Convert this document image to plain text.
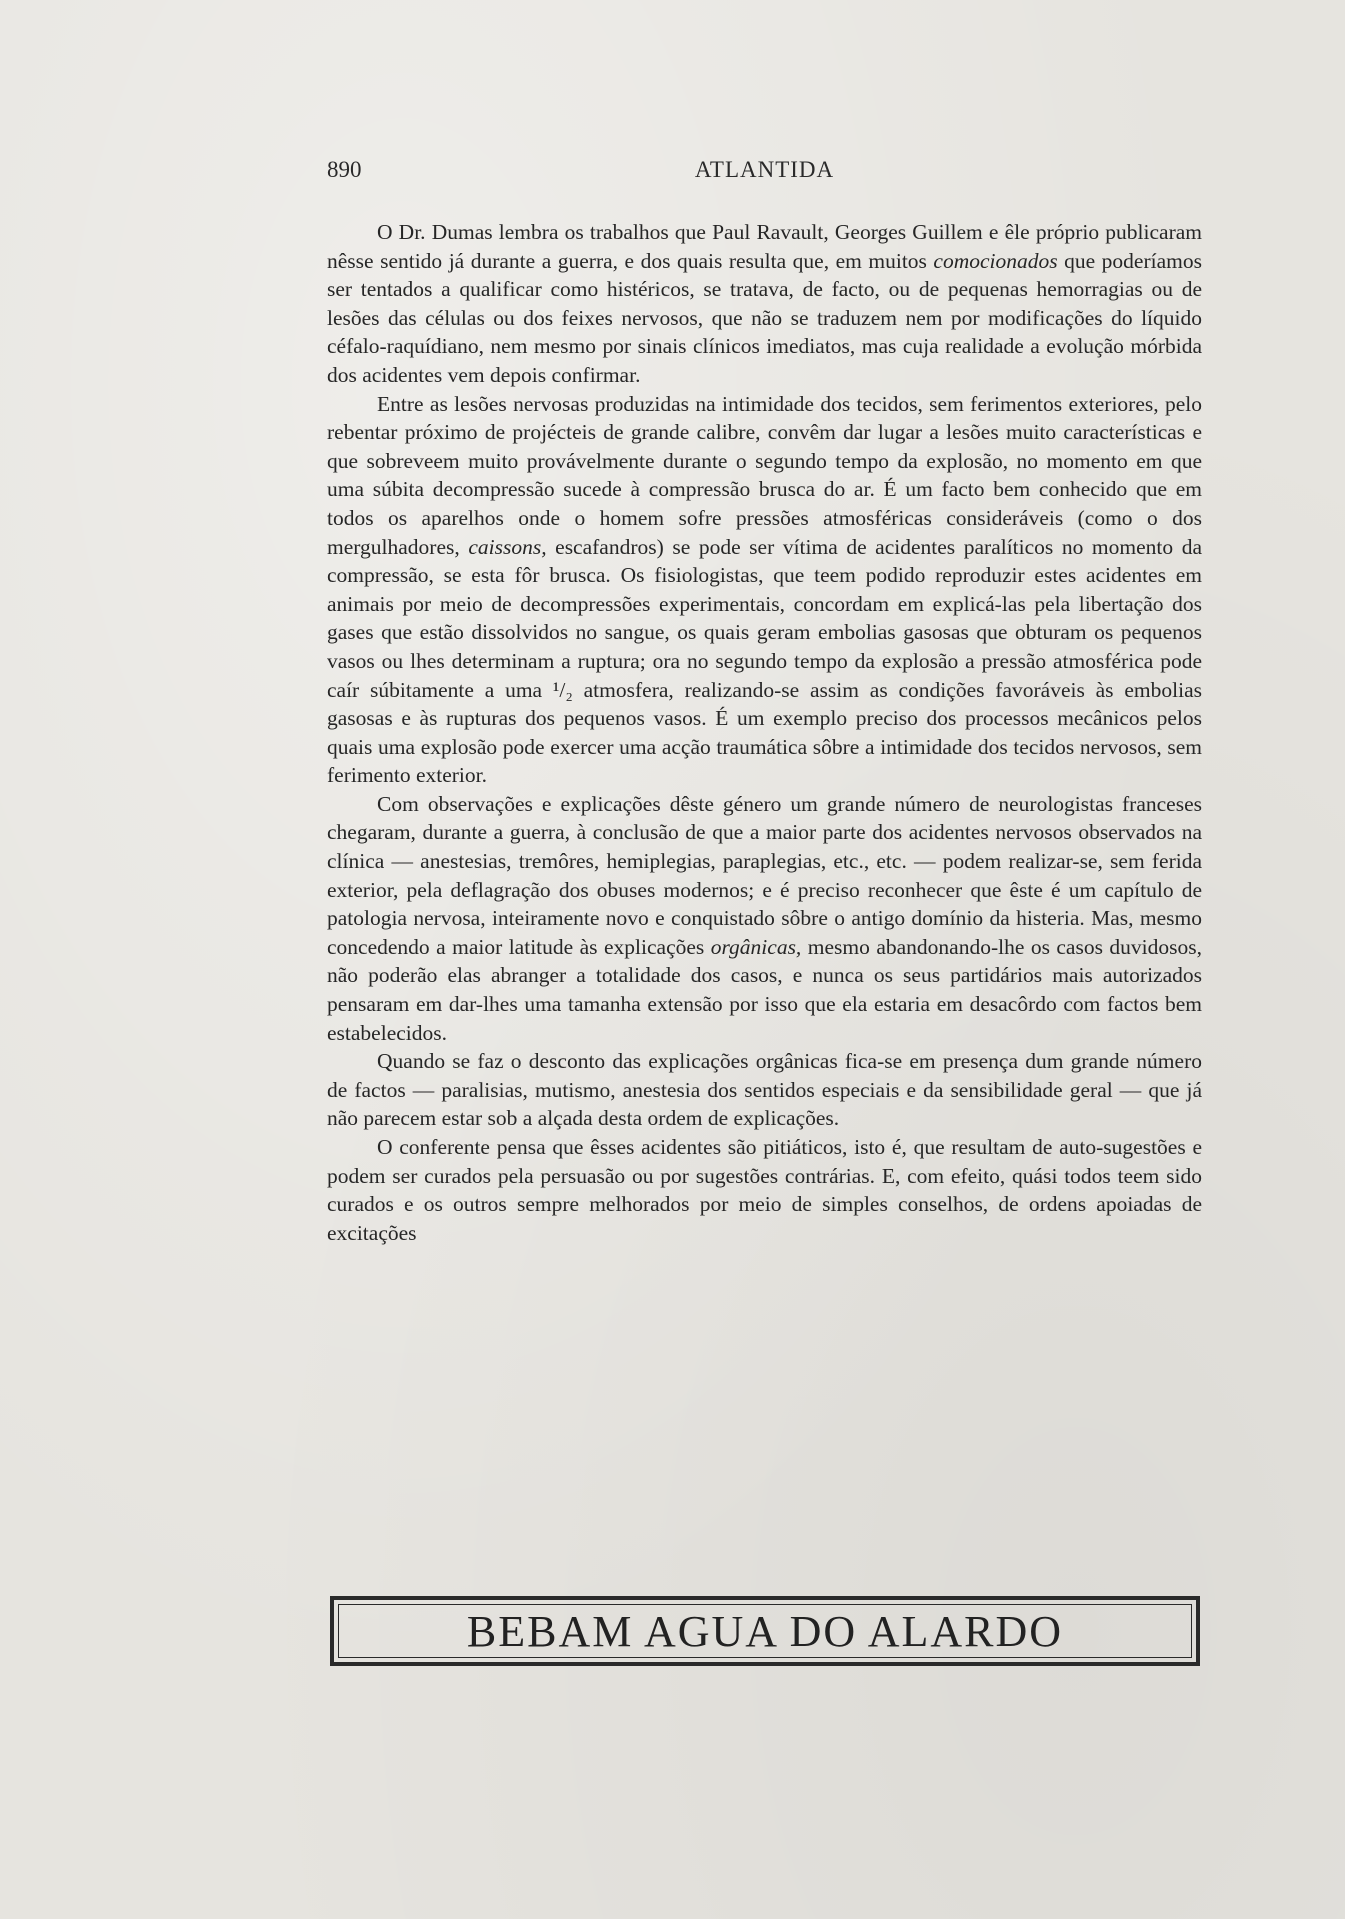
890	ATLANTIDA

O Dr. Dumas lembra os trabalhos que Paul Ravault, Georges Guillem e êle próprio publicaram nêsse sentido já durante a guerra, e dos quais resulta que, em muitos comocionados que poderíamos ser tentados a qualificar como histéricos, se tratava, de facto, ou de pequenas hemorragias ou de lesões das células ou dos feixes nervosos, que não se traduzem nem por modificações do líquido céfalo-raquídiano, nem mesmo por sinais clínicos imediatos, mas cuja realidade a evolução mórbida dos acidentes vem depois confirmar.

Entre as lesões nervosas produzidas na intimidade dos tecidos, sem ferimentos exteriores, pelo rebentar próximo de projécteis de grande calibre, convêm dar lugar a lesões muito características e que sobreveem muito provávelmente durante o segundo tempo da explosão, no momento em que uma súbita decompressão sucede à compressão brusca do ar. É um facto bem conhecido que em todos os aparelhos onde o homem sofre pressões atmosféricas consideráveis (como o dos mergulhadores, caissons, escafandros) se pode ser vítima de acidentes paralíticos no momento da compressão, se esta fôr brusca. Os fisiologistas, que teem podido reproduzir estes acidentes em animais por meio de decompressões experimentais, concordam em explicá-las pela libertação dos gases que estão dissolvidos no sangue, os quais geram embolias gasosas que obturam os pequenos vasos ou lhes determinam a ruptura; ora no segundo tempo da explosão a pressão atmosférica pode caír súbitamente a uma ¹/₂ atmosfera, realizando-se assim as condições favoráveis às embolias gasosas e às rupturas dos pequenos vasos. É um exemplo preciso dos processos mecânicos pelos quais uma explosão pode exercer uma acção traumática sôbre a intimidade dos tecidos nervosos, sem ferimento exterior.

Com observações e explicações dêste género um grande número de neurologistas franceses chegaram, durante a guerra, à conclusão de que a maior parte dos acidentes nervosos observados na clínica — anestesias, tremôres, hemiplegias, paraplegias, etc., etc. — podem realizar-se, sem ferida exterior, pela deflagração dos obuses modernos; e é preciso reconhecer que êste é um capítulo de patologia nervosa, inteiramente novo e conquistado sôbre o antigo domínio da histeria. Mas, mesmo concedendo a maior latitude às explicações orgânicas, mesmo abandonando-lhe os casos duvidosos, não poderão elas abranger a totalidade dos casos, e nunca os seus partidários mais autorizados pensaram em dar-lhes uma tamanha extensão por isso que ela estaria em desacôrdo com factos bem estabelecidos.

Quando se faz o desconto das explicações orgânicas fica-se em presença dum grande número de factos — paralisias, mutismo, anestesia dos sentidos especiais e da sensibilidade geral — que já não parecem estar sob a alçada desta ordem de explicações.

O conferente pensa que êsses acidentes são pitiáticos, isto é, que resultam de auto-sugestões e podem ser curados pela persuasão ou por sugestões contrárias. E, com efeito, quási todos teem sido curados e os outros sempre melhorados por meio de simples conselhos, de ordens apoiadas de excitações

BEBAM AGUA DO ALARDO
